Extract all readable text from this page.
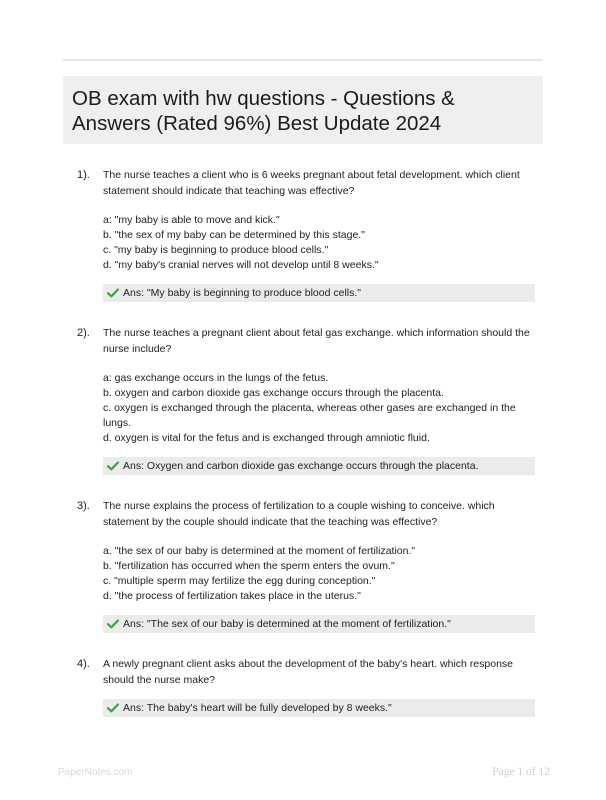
OB exam with hw questions - Questions & Answers (Rated 96%) Best Update 2024
1). The nurse teaches a client who is 6 weeks pregnant about fetal development. which client statement should indicate that teaching was effective?

a: "my baby is able to move and kick."

b. "the sex of my baby can be determined by this stage."

c. "my baby is beginning to produce blood cells."

d. "my baby's cranial nerves will not develop until 8 weeks."

Ans: "My baby is beginning to produce blood cells."
2). The nurse teaches a pregnant client about fetal gas exchange. which information should the nurse include?

a: gas exchange occurs in the lungs of the fetus.

b. oxygen and carbon dioxide gas exchange occurs through the placenta.

c. oxygen is exchanged through the placenta, whereas other gases are exchanged in the lungs.

d. oxygen is vital for the fetus and is exchanged through amniotic fluid.

Ans: Oxygen and carbon dioxide gas exchange occurs through the placenta.
3). The nurse explains the process of fertilization to a couple wishing to conceive. which statement by the couple should indicate that the teaching was effective?

a. "the sex of our baby is determined at the moment of fertilization."

b. "fertilization has occurred when the sperm enters the ovum."

c. "multiple sperm may fertilize the egg during conception."

d. "the process of fertilization takes place in the uterus."

Ans: "The sex of our baby is determined at the moment of fertilization."
4). A newly pregnant client asks about the development of the baby's heart. which response should the nurse make?
Ans: The baby's heart will be fully developed by 8 weeks."
PaperNotes.com	Page 1 of 12
